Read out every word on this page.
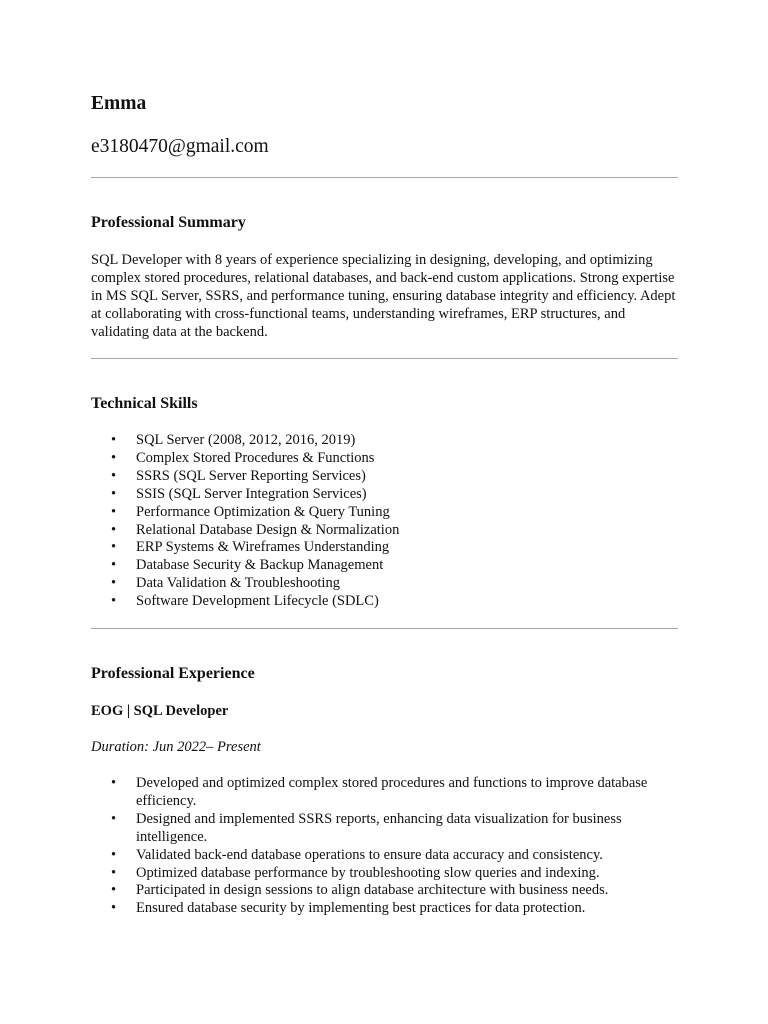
Emma
e3180470@gmail.com
Professional Summary

SQL Developer with 8 years of experience specializing in designing, developing, and optimizing complex stored procedures, relational databases, and back-end custom applications. Strong expertise in MS SQL Server, SSRS, and performance tuning, ensuring database integrity and efficiency. Adept at collaborating with cross-functional teams, understanding wireframes, ERP structures, and validating data at the backend.

Technical Skills
• SQL Server (2008, 2012, 2016, 2019)
• Complex Stored Procedures & Functions
• SSRS (SQL Server Reporting Services)
• SSIS (SQL Server Integration Services)
• Performance Optimization & Query Tuning
• Relational Database Design & Normalization
• ERP Systems & Wireframes Understanding
• Database Security & Backup Management
• Data Validation & Troubleshooting
• Software Development Lifecycle (SDLC)
Professional Experience
EOG | SQL Developer
Duration: Jun 2022– Present
• Developed and optimized complex stored procedures and functions to improve database efficiency.
• Designed and implemented SSRS reports, enhancing data visualization for business intelligence.
• Validated back-end database operations to ensure data accuracy and consistency.
• Optimized database performance by troubleshooting slow queries and indexing.
• Participated in design sessions to align database architecture with business needs.
• Ensured database security by implementing best practices for data protection.
